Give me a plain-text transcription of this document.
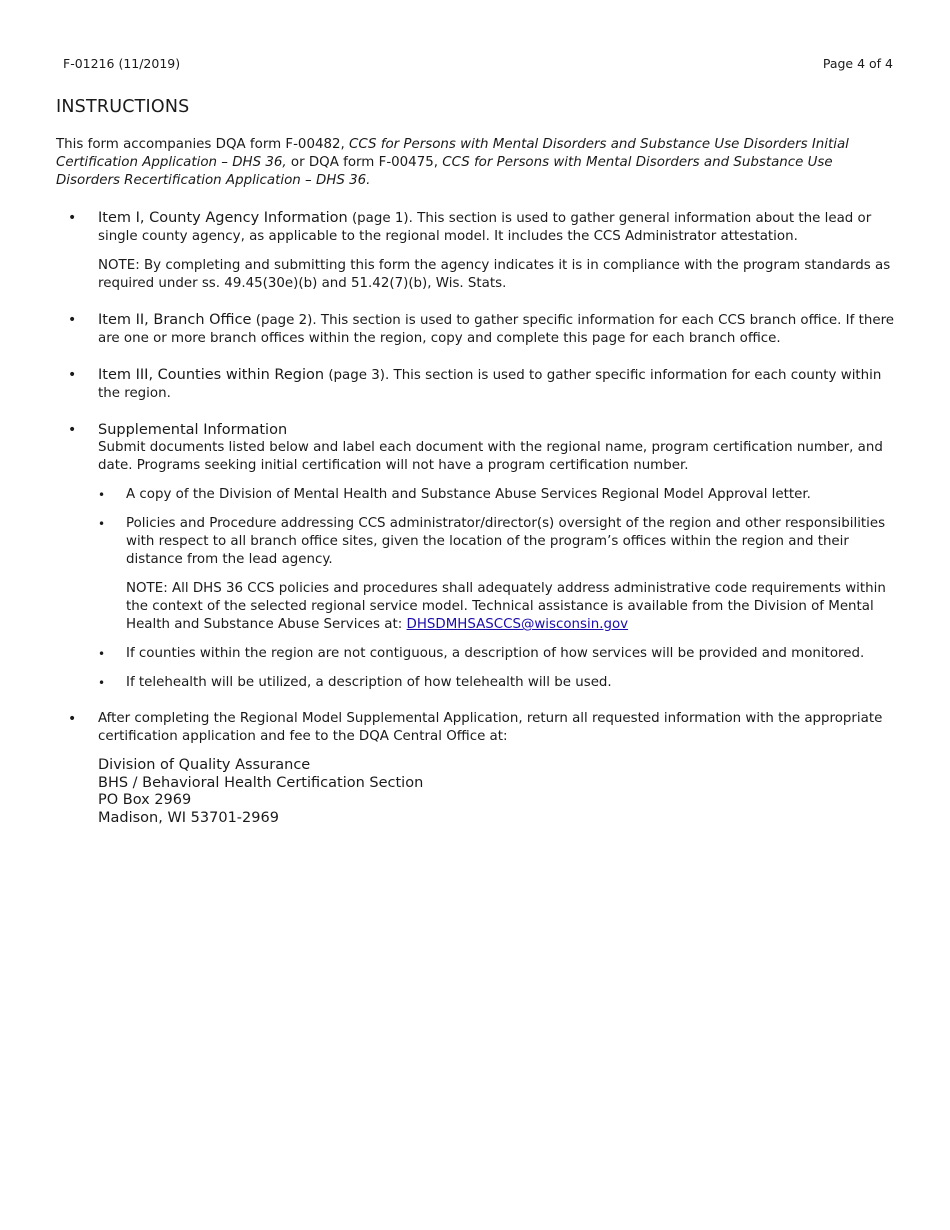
F-01216 (11/2019)	Page 4 of 4
INSTRUCTIONS
This form accompanies DQA form F-00482, CCS for Persons with Mental Disorders and Substance Use Disorders Initial Certification Application – DHS 36, or DQA form F-00475, CCS for Persons with Mental Disorders and Substance Use Disorders Recertification Application – DHS 36.
• Item I, County Agency Information (page 1). This section is used to gather general information about the lead or single county agency, as applicable to the regional model. It includes the CCS Administrator attestation.

NOTE: By completing and submitting this form the agency indicates it is in compliance with the program standards as required under ss. 49.45(30e)(b) and 51.42(7)(b), Wis. Stats.

• Item II, Branch Office (page 2). This section is used to gather specific information for each CCS branch office. If there are one or more branch offices within the region, copy and complete this page for each branch office.

• Item III, Counties within Region (page 3). This section is used to gather specific information for each county within the region.

• Supplemental Information

Submit documents listed below and label each document with the regional name, program certification number, and date. Programs seeking initial certification will not have a program certification number.

• A copy of the Division of Mental Health and Substance Abuse Services Regional Model Approval letter.

• Policies and Procedure addressing CCS administrator/director(s) oversight of the region and other responsibilities with respect to all branch office sites, given the location of the program’s offices within the region and their distance from the lead agency.

NOTE: All DHS 36 CCS policies and procedures shall adequately address administrative code requirements within the context of the selected regional service model. Technical assistance is available from the Division of Mental Health and Substance Abuse Services at: DHSDMHSASCCS@wisconsin.gov

• If counties within the region are not contiguous, a description of how services will be provided and monitored.

• If telehealth will be utilized, a description of how telehealth will be used.

• After completing the Regional Model Supplemental Application, return all requested information with the appropriate certification application and fee to the DQA Central Office at:

Division of Quality Assurance
BHS / Behavioral Health Certification Section
PO Box 2969
Madison, WI 53701-2969
